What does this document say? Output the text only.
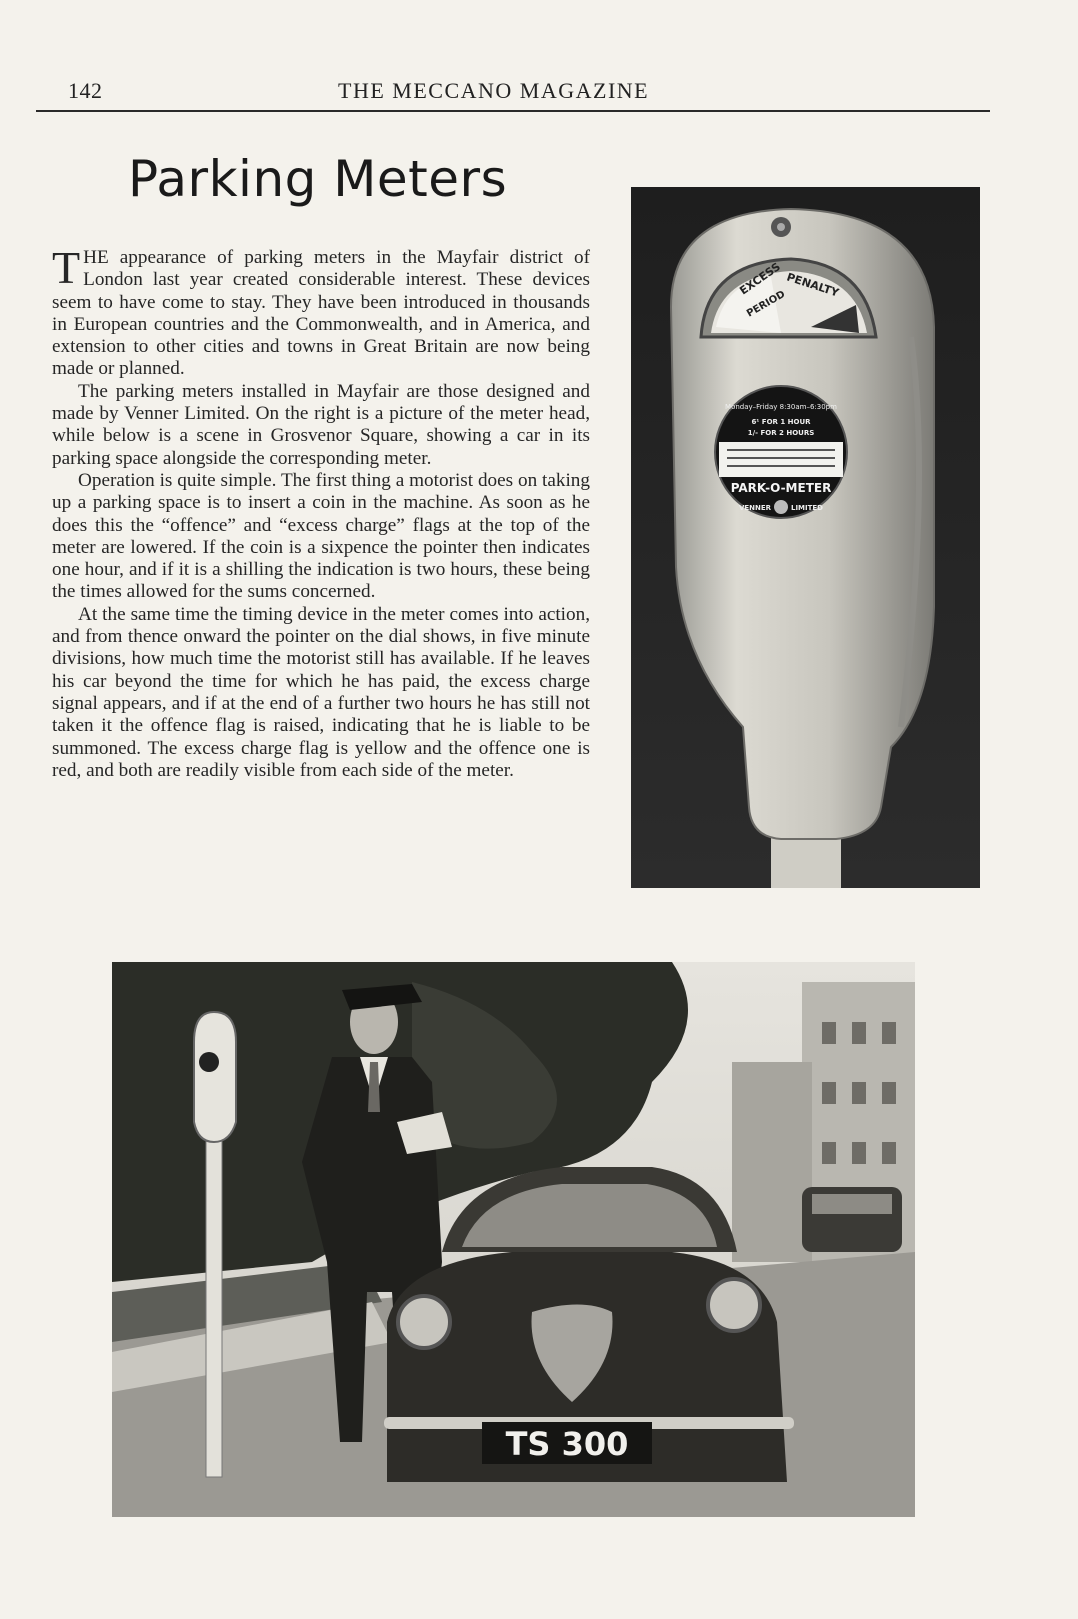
142	THE MECCANO MAGAZINE
Parking Meters

THE appearance of parking meters in the Mayfair district of London last year created considerable interest. These devices seem to have come to stay. They have been introduced in thousands in European countries and the Commonwealth, and in America, and extension to other cities and towns in Great Britain are now being made or planned.

The parking meters installed in Mayfair are those designed and made by Venner Limited. On the right is a picture of the meter head, while below is a scene in Grosvenor Square, showing a car in its parking space alongside the corresponding meter.

Operation is quite simple. The first thing a motorist does on taking up a parking space is to insert a coin in the machine. As soon as he does this the “offence” and “excess charge” flags at the top of the meter are lowered. If the coin is a sixpence the pointer then indicates one hour, and if it is a shilling the indication is two hours, these being the times allowed for the sums concerned.

At the same time the timing device in the meter comes into action, and from thence onward the pointer on the dial shows, in five minute divisions, how much time the motorist still has available. If he leaves his car beyond the time for which he has paid, the excess charge signal appears, and if at the end of a further two hours he has still not taken it the offence flag is raised, indicating that he is liable to be summoned. The excess charge flag is yellow and the offence one is red, and both are readily visible from each side of the meter.

EXCESS
PERIOD
PENALTY
Monday–Friday 8:30am–6:30pm
6¹ FOR 1 HOUR
1/- FOR 2 HOURS
PARK-O-METER
VENNER	LIMITED
TS 300
